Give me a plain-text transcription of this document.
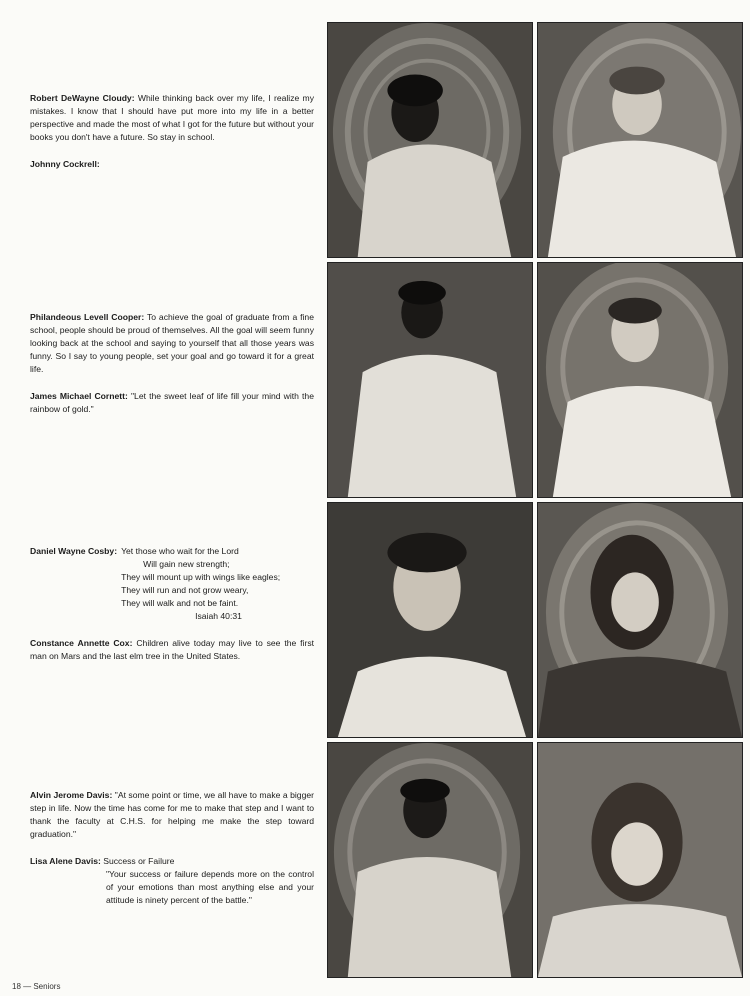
Robert DeWayne Cloudy: While thinking back over my life, I realize my mistakes. I know that I should have put more into my life in a better perspective and made the most of what I got for the future but without your books you don't have a future. So stay in school.

Johnny Cockrell:

Philandeous Levell Cooper: To achieve the goal of graduate from a fine school, people should be proud of themselves. All the goal will seem funny looking back at the school and saying to yourself that all those years was funny. So I say to young people, set your goal and go toward it for a great life.

James Michael Cornett: "Let the sweet leaf of life fill your mind with the rainbow of gold."

Daniel Wayne Cosby: Yet those who wait for the Lord
Will gain new strength;
They will mount up with wings like eagles;
They will run and not grow weary,
They will walk and not be faint.
Isaiah 40:31

Constance Annette Cox: Children alive today may live to see the first man on Mars and the last elm tree in the United States.

Alvin Jerome Davis: "At some point or time, we all have to make a bigger step in life. Now the time has come for me to make that step and I want to thank the faculty at C.H.S. for helping me make the step toward graduation."

Lisa Alene Davis: Success or Failure
"Your success or failure depends more on the control of your emotions than most anything else and your attitude is ninety percent of the battle."
18 — Seniors
